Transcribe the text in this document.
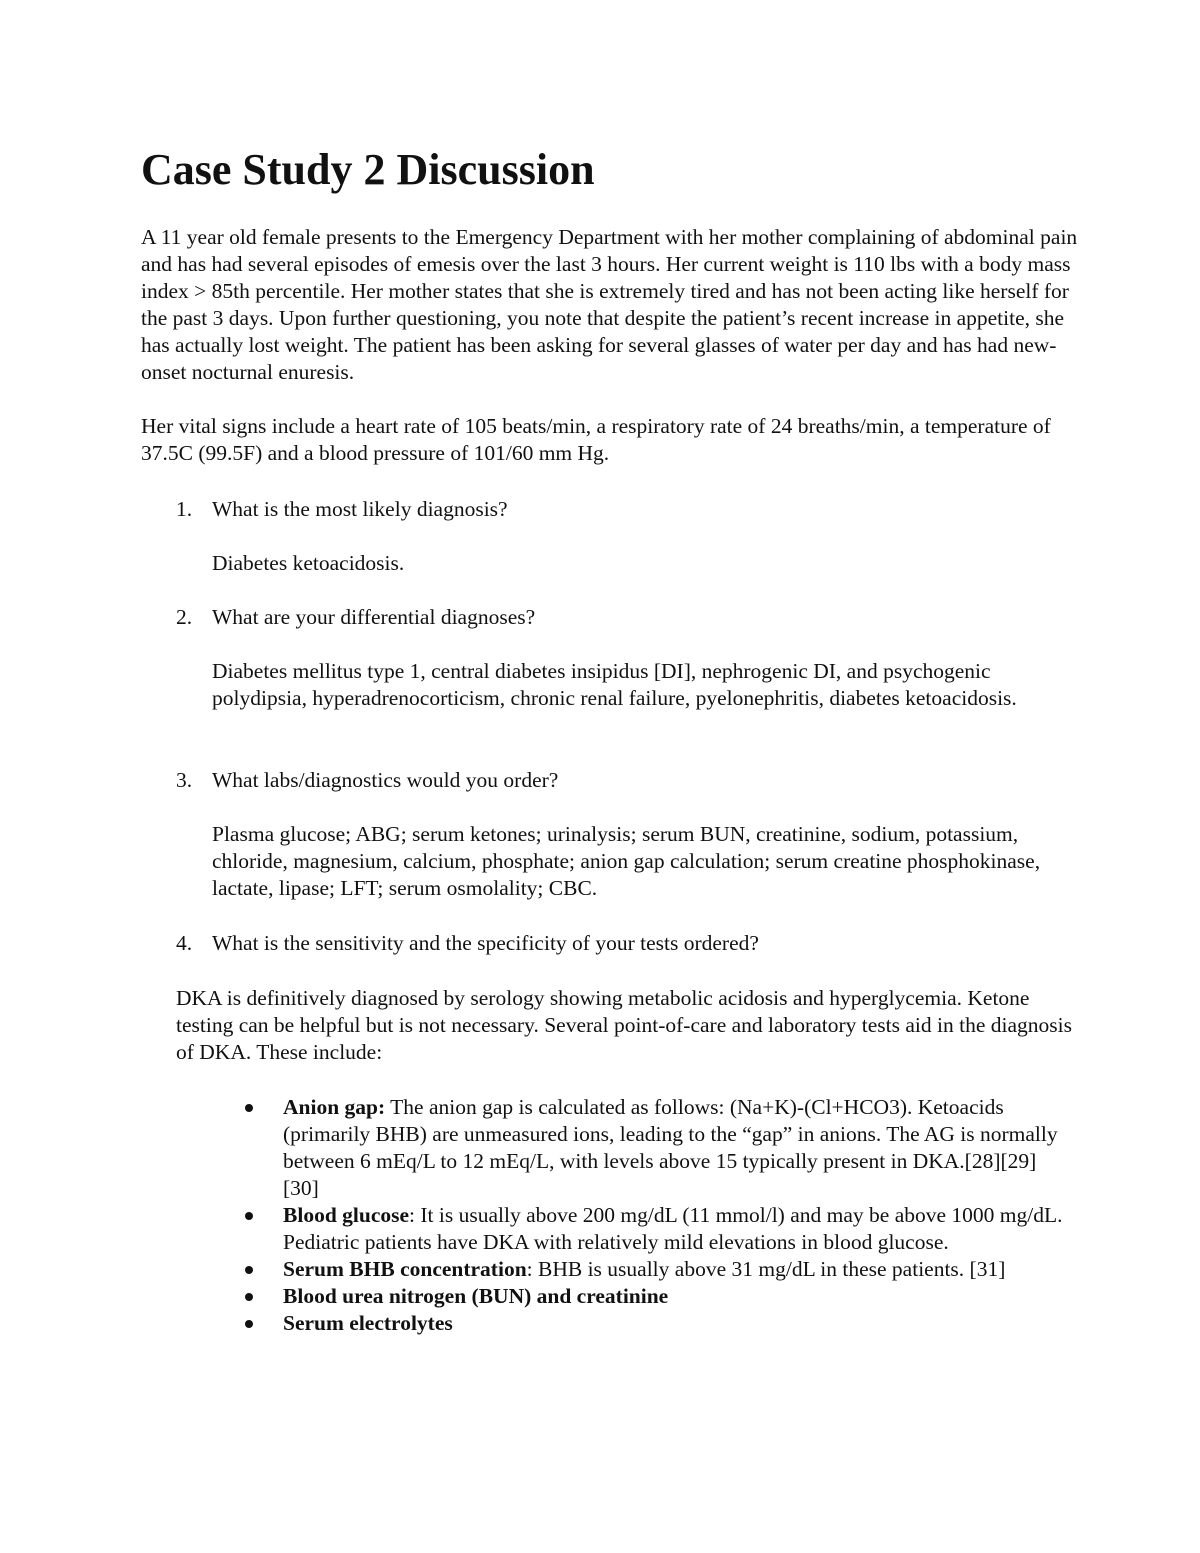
Case Study 2 Discussion
A 11 year old female presents to the Emergency Department with her mother complaining of abdominal pain and has had several episodes of emesis over the last 3 hours. Her current weight is 110 lbs with a body mass index > 85th percentile. Her mother states that she is extremely tired and has not been acting like herself for the past 3 days. Upon further questioning, you note that despite the patient’s recent increase in appetite, she has actually lost weight. The patient has been asking for several glasses of water per day and has had new-onset nocturnal enuresis.
Her vital signs include a heart rate of 105 beats/min, a respiratory rate of 24 breaths/min, a temperature of 37.5C (99.5F) and a blood pressure of 101/60 mm Hg.
1. What is the most likely diagnosis?
Diabetes ketoacidosis.
2. What are your differential diagnoses?
Diabetes mellitus type 1, central diabetes insipidus [DI], nephrogenic DI, and psychogenic polydipsia, hyperadrenocorticism, chronic renal failure, pyelonephritis, diabetes ketoacidosis.
3. What labs/diagnostics would you order?
Plasma glucose; ABG; serum ketones; urinalysis; serum BUN, creatinine, sodium, potassium, chloride, magnesium, calcium, phosphate; anion gap calculation; serum creatine phosphokinase, lactate, lipase; LFT; serum osmolality; CBC.
4. What is the sensitivity and the specificity of your tests ordered?
DKA is definitively diagnosed by serology showing metabolic acidosis and hyperglycemia. Ketone testing can be helpful but is not necessary. Several point-of-care and laboratory tests aid in the diagnosis of DKA. These include:
Anion gap: The anion gap is calculated as follows: (Na+K)-(Cl+HCO3). Ketoacids (primarily BHB) are unmeasured ions, leading to the “gap” in anions. The AG is normally between 6 mEq/L to 12 mEq/L, with levels above 15 typically present in DKA.[28][29][30]
Blood glucose: It is usually above 200 mg/dL (11 mmol/l) and may be above 1000 mg/dL. Pediatric patients have DKA with relatively mild elevations in blood glucose.
Serum BHB concentration: BHB is usually above 31 mg/dL in these patients. [31]
Blood urea nitrogen (BUN) and creatinine
Serum electrolytes
